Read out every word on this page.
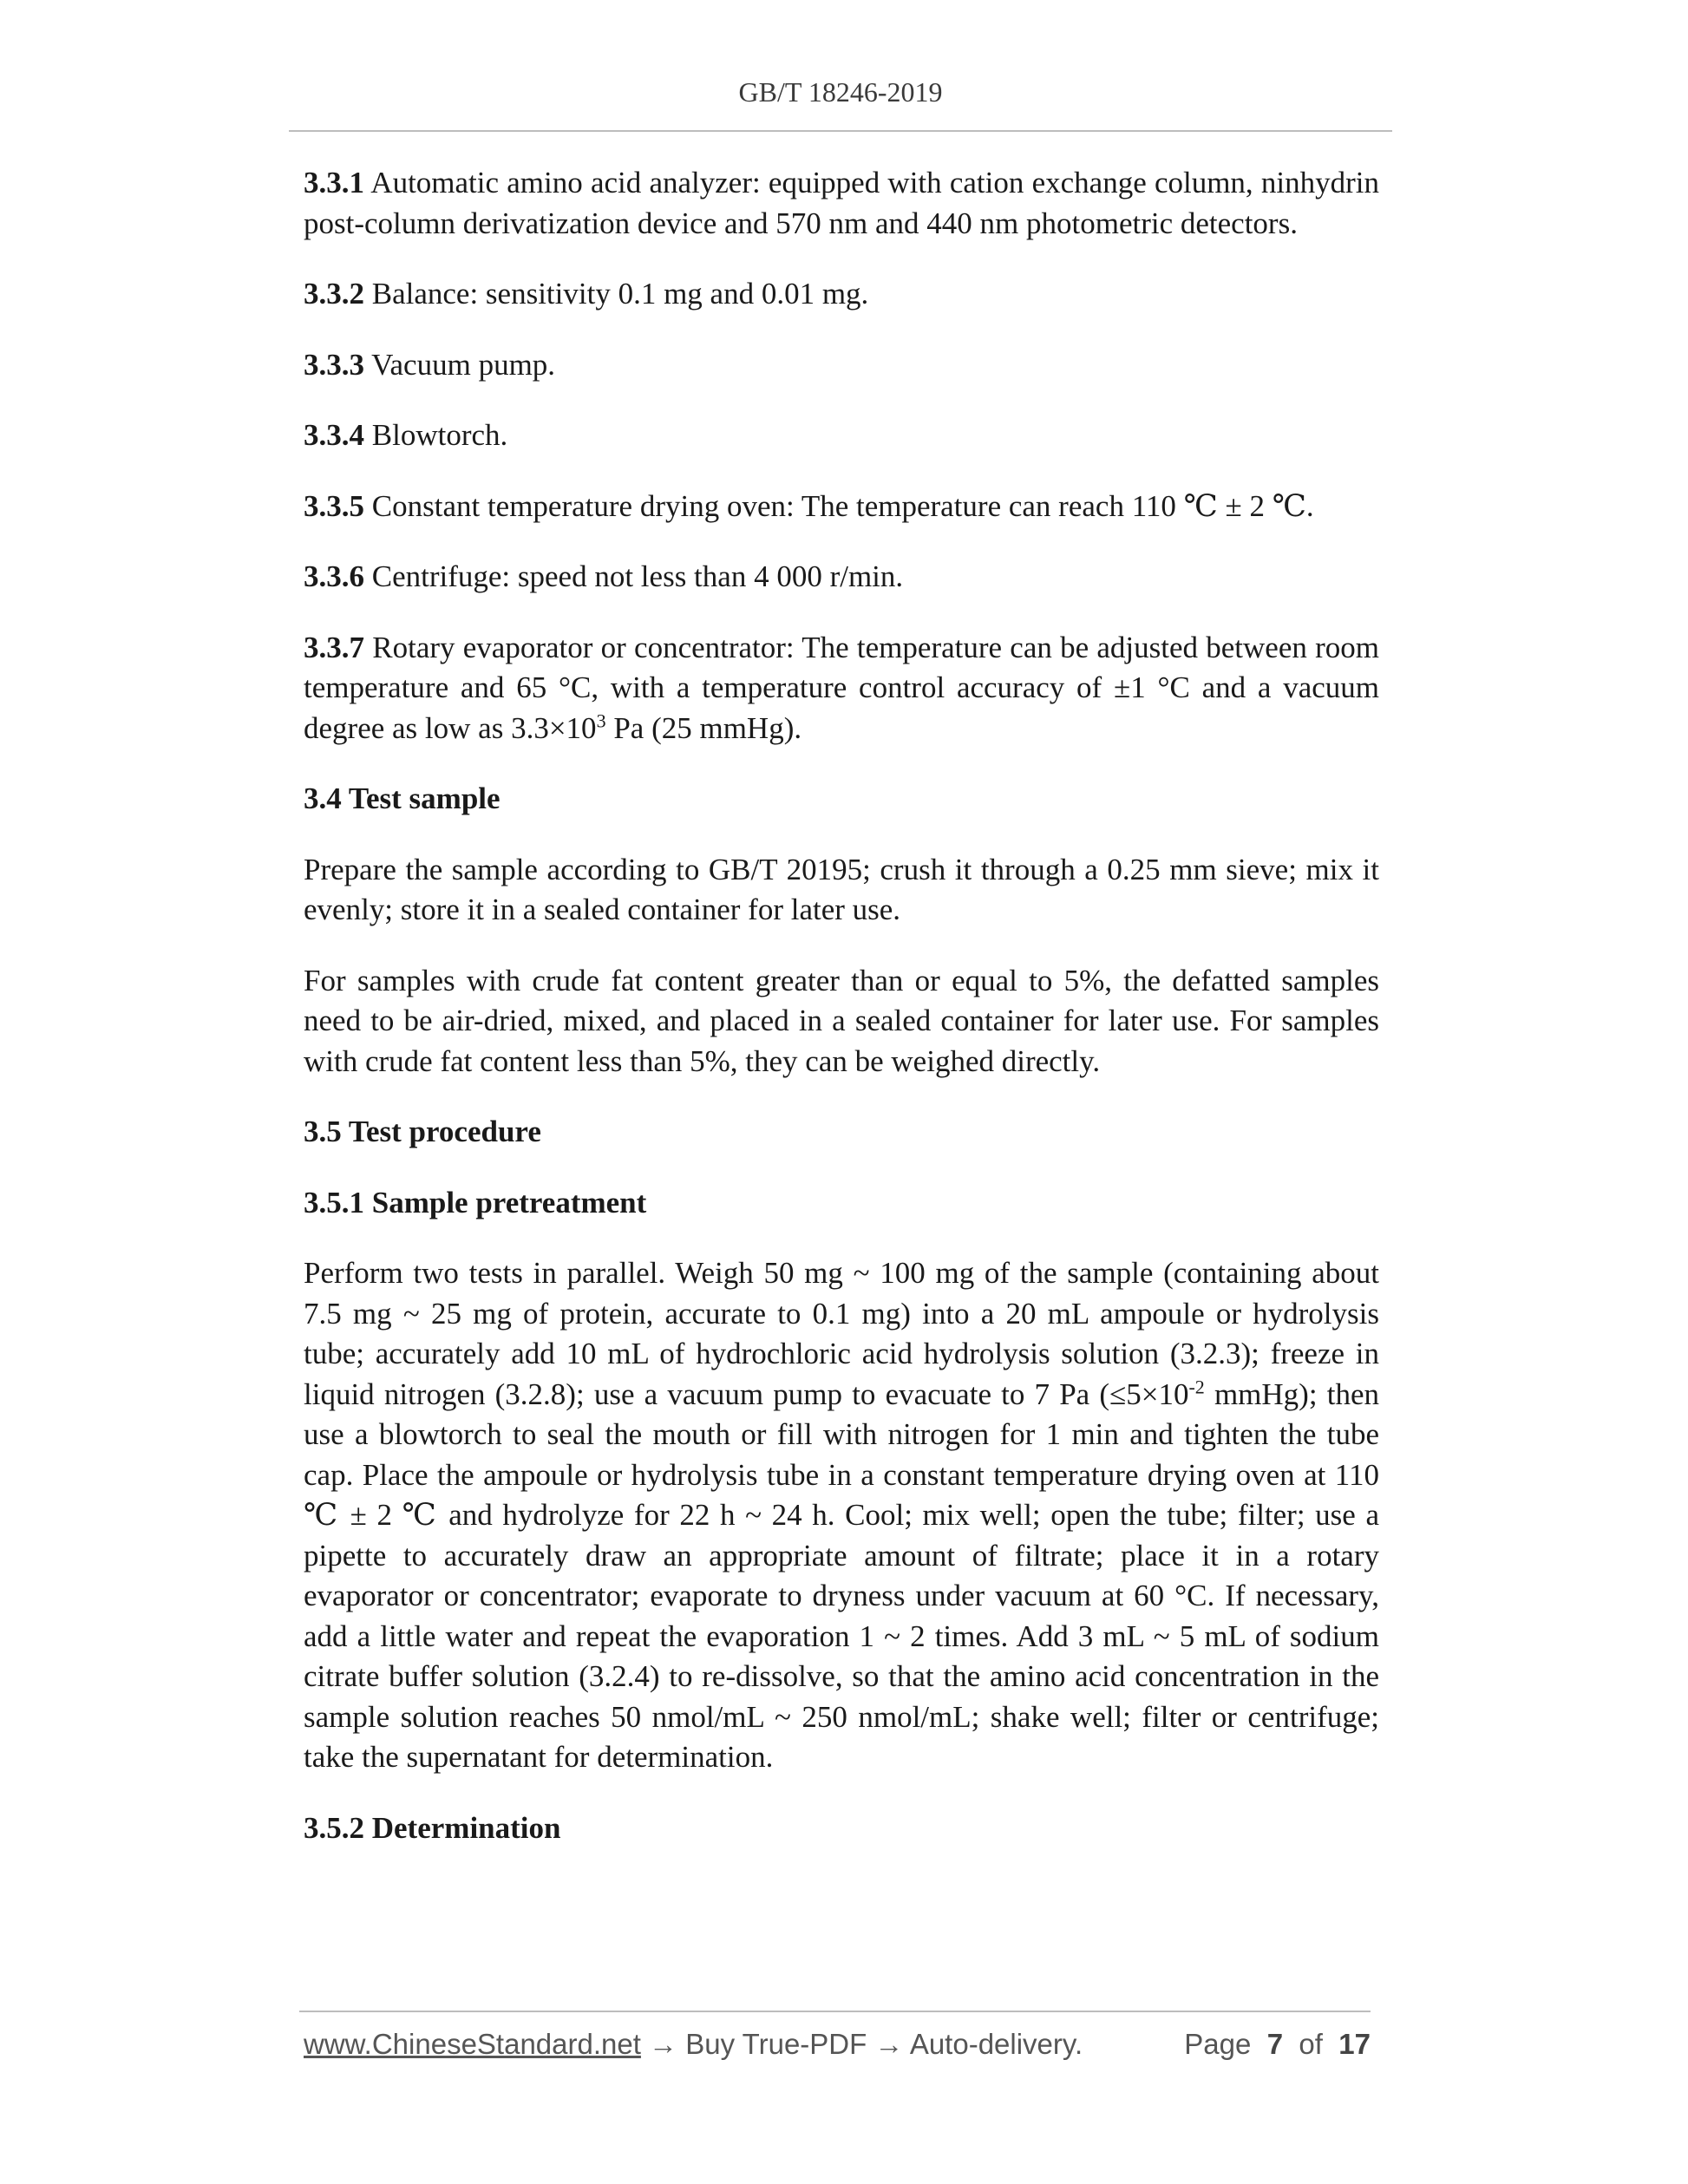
GB/T 18246-2019

3.3.1 Automatic amino acid analyzer: equipped with cation exchange column, ninhydrin post-column derivatization device and 570 nm and 440 nm photometric detectors.

3.3.2 Balance: sensitivity 0.1 mg and 0.01 mg.

3.3.3 Vacuum pump.

3.3.4 Blowtorch.

3.3.5 Constant temperature drying oven: The temperature can reach 110 ℃ ± 2 ℃.

3.3.6 Centrifuge: speed not less than 4 000 r/min.

3.3.7 Rotary evaporator or concentrator: The temperature can be adjusted between room temperature and 65 °C, with a temperature control accuracy of ±1 °C and a vacuum degree as low as $3.3\times 10^3$ Pa (25 mmHg).

3.4 Test sample

Prepare the sample according to GB/T 20195; crush it through a 0.25 mm sieve; mix it evenly; store it in a sealed container for later use.

For samples with crude fat content greater than or equal to 5%, the defatted samples need to be air-dried, mixed, and placed in a sealed container for later use. For samples with crude fat content less than 5%, they can be weighed directly.

3.5 Test procedure
3.5.1 Sample pretreatment

Perform two tests in parallel. Weigh 50 mg ~ 100 mg of the sample (containing about 7.5 mg ~ 25 mg of protein, accurate to 0.1 mg) into a 20 mL ampoule or hydrolysis tube; accurately add 10 mL of hydrochloric acid hydrolysis solution (3.2.3); freeze in liquid nitrogen (3.2.8); use a vacuum pump to evacuate to 7 Pa ($\le 5\times 10^{-2}$ mmHg); then use a blowtorch to seal the mouth or fill with nitrogen for 1 min and tighten the tube cap. Place the ampoule or hydrolysis tube in a constant temperature drying oven at 110 ℃ ± 2 ℃ and hydrolyze for 22 h ~ 24 h. Cool; mix well; open the tube; filter; use a pipette to accurately draw an appropriate amount of filtrate; place it in a rotary evaporator or concentrator; evaporate to dryness under vacuum at 60 °C. If necessary, add a little water and repeat the evaporation 1 ~ 2 times. Add 3 mL ~ 5 mL of sodium citrate buffer solution (3.2.4) to re-dissolve, so that the amino acid concentration in the sample solution reaches 50 nmol/mL ~ 250 nmol/mL; shake well; filter or centrifuge; take the supernatant for determination.

3.5.2 Determination
www.ChineseStandard.net → Buy True-PDF → Auto-delivery.	Page 7 of 17
